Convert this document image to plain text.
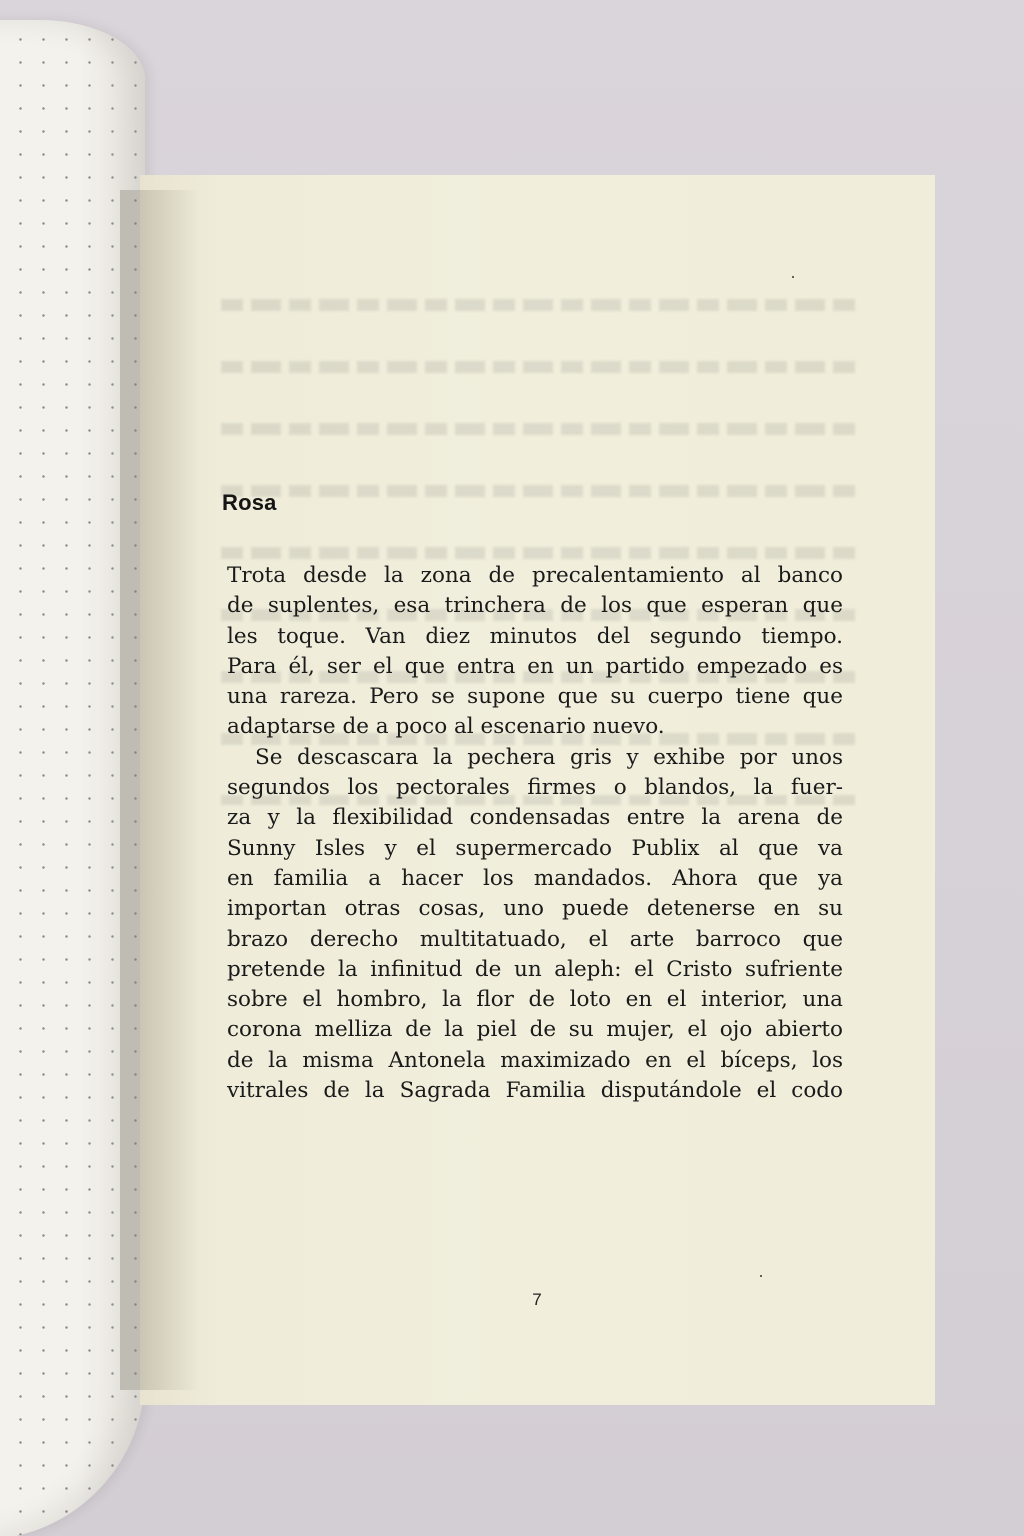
Rosa
Trota desde la zona de precalentamiento al banco
de suplentes, esa trinchera de los que esperan que
les toque. Van diez minutos del segundo tiempo.
Para él, ser el que entra en un partido empezado es
una rareza. Pero se supone que su cuerpo tiene que
adaptarse de a poco al escenario nuevo.
Se descascara la pechera gris y exhibe por unos
segundos los pectorales firmes o blandos, la fuer-
za y la flexibilidad condensadas entre la arena de
Sunny Isles y el supermercado Publix al que va
en familia a hacer los mandados. Ahora que ya
importan otras cosas, uno puede detenerse en su
brazo derecho multitatuado, el arte barroco que
pretende la infinitud de un aleph: el Cristo sufriente
sobre el hombro, la flor de loto en el interior, una
corona melliza de la piel de su mujer, el ojo abierto
de la misma Antonela maximizado en el bíceps, los
vitrales de la Sagrada Familia disputándole el codo
7
